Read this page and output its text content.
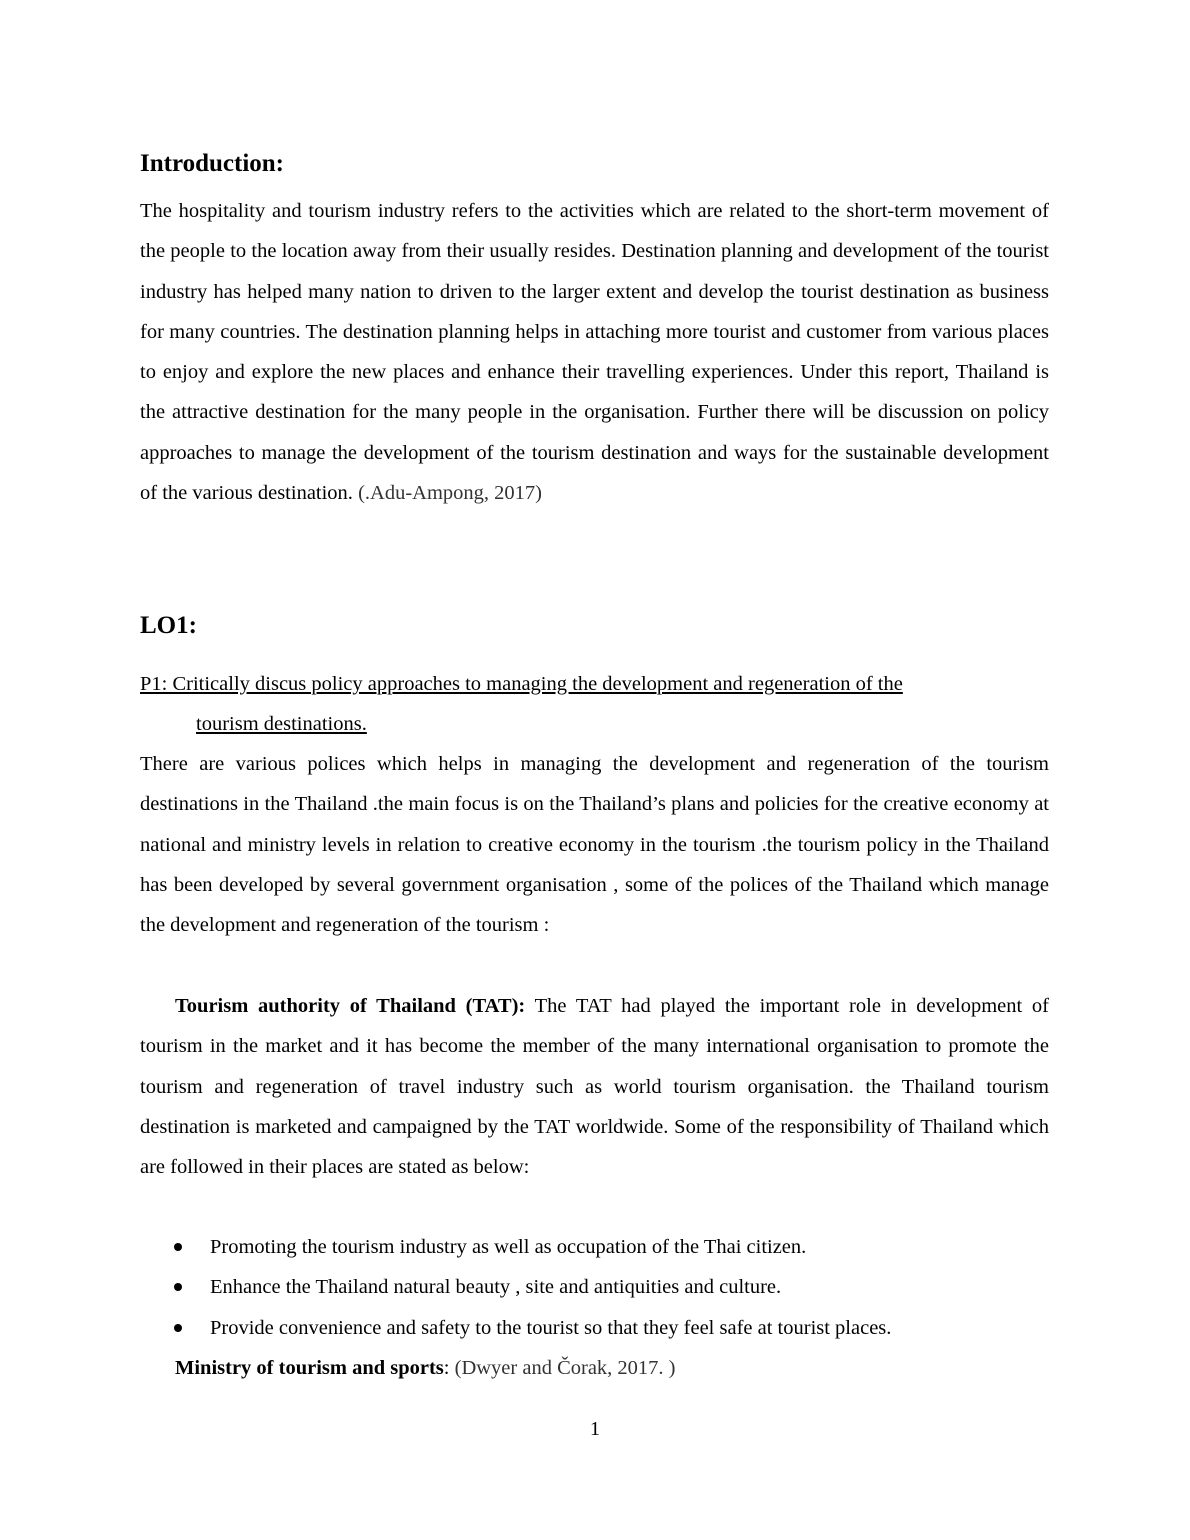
Introduction:

The hospitality and tourism industry refers to the activities which are related to the short-term movement of the people to the location away from their usually resides. Destination planning and development of the tourist industry has helped many nation to driven to the larger extent and develop the tourist destination as business for many countries. The destination planning helps in attaching more tourist and customer from various places to enjoy and explore the new places and enhance their travelling experiences. Under this report, Thailand is the attractive destination for the many people in the organisation. Further there will be discussion on policy approaches to manage the development of the tourism destination and ways for the sustainable development of the various destination. (.Adu-Ampong, 2017)

LO1:

P1: Critically discus policy approaches to managing the development and regeneration of the
tourism destinations.

There are various polices which helps in managing the development and regeneration of the tourism destinations in the Thailand .the main focus is on the Thailand’s plans and policies for the creative economy at national and ministry levels in relation to creative economy in the tourism .the tourism policy in the Thailand has been developed by several government organisation , some of the polices of the Thailand which manage the development and regeneration of the tourism :

Tourism authority of Thailand (TAT): The TAT had played the important role in development of tourism in the market and it has become the member of the many international organisation to promote the tourism and regeneration of travel industry such as world tourism organisation. the Thailand tourism destination is marketed and campaigned by the TAT worldwide. Some of the responsibility of Thailand which are followed in their places are stated as below:

Promoting the tourism industry as well as occupation of the Thai citizen.
Enhance the Thailand natural beauty , site and antiquities and culture.
Provide convenience and safety to the tourist so that they feel safe at tourist places.

Ministry of tourism and sports: (Dwyer and Čorak, 2017. )

1
